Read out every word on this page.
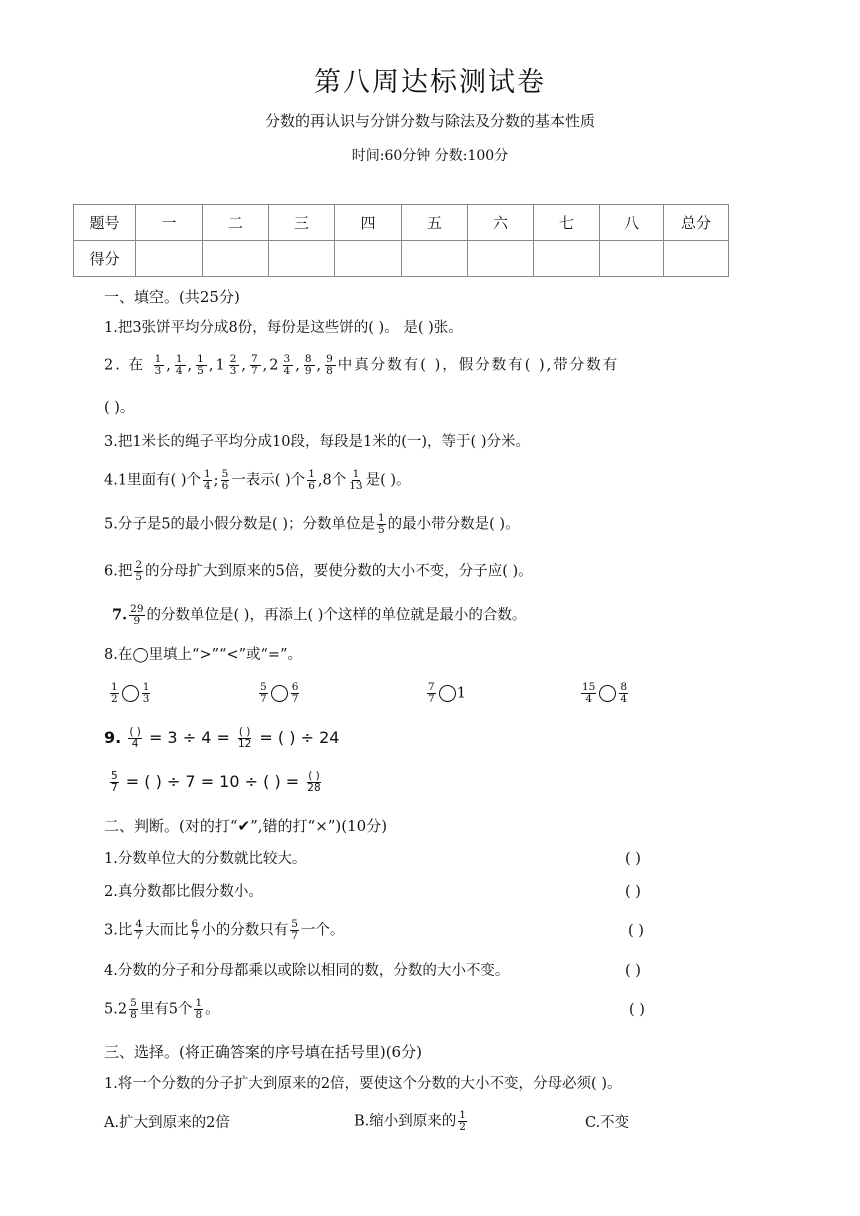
第八周达标测试卷
分数的再认识与分饼分数与除法及分数的基本性质
时间:60分钟 分数:100分
题号	一	二	三	四	五	六	七	八	总分
得分									
一、填空。(共25分)
1.把3张饼平均分成8份，每份是这些饼的( )。 是( )张。
2. 在 $\frac{1}{3}$ , $\frac{1}{4}$ , $\frac{1}{5} ,1 \frac{2}{3}$ , $\frac{7}{7} ,2 \frac{3}{4}$ , $\frac{8}{9}$ , $\frac{9}{8}$ 中真分数有( )，假分数有( ),带分数有
( )。
3.把1米长的绳子平均分成10段，每段是1米的(一)，等于( )分米。
4.1里面有( )个 $\frac{1}{4}$ ; $\frac{5}{6}$ 一表示( )个 $\frac{1}{6} ,8$个 $\frac{1}{13}$ 是( )。
5.分子是5的最小假分数是( )；分数单位是 $\frac{1}{5}$ 的最小带分数是( )。
6.把 $\frac{2}{5}$ 的分母扩大到原来的5倍，要使分数的大小不变，分子应( )。
7. $\frac{29}{9}$ 的分数单位是( )，再添上( )个这样的单位就是最小的合数。
8.在◯里填上“>”“<”或“=”。
$\frac{1}{2} \frac{1}{3}$	$\frac{5}{7} \frac{6}{7}$	$\frac{7}{7} 1$	$\frac{15}{4} \frac{8}{4}$
9. $\frac{( )}{4} = 3 \div 4 = \frac{( )}{12}$ = ( ) ÷ 24
$\frac{5}{7}$ = ( ) ÷ 7 = 10 ÷ ( ) = $\frac{( )}{28}$
二、判断。(对的打“✔”,错的打“×”)(10分)
1.分数单位大的分数就比较大。	( )
2.真分数都比假分数小。	( )
3.比 $\frac{4}{7}$ 大而比 $\frac{6}{7}$ 小的分数只有 $\frac{5}{7}$ 一个。	( )
4.分数的分子和分母都乘以或除以相同的数，分数的大小不变。	( )
$5.2 \frac{5}{8}$ 里有5个 $\frac{1}{8}$ 。	( )
三、选择。(将正确答案的序号填在括号里)(6分)
1.将一个分数的分子扩大到原来的2倍，要使这个分数的大小不变，分母必须( )。
A.扩大到原来的2倍	B.缩小到原来的 $\frac{1}{2}$	C.不变
